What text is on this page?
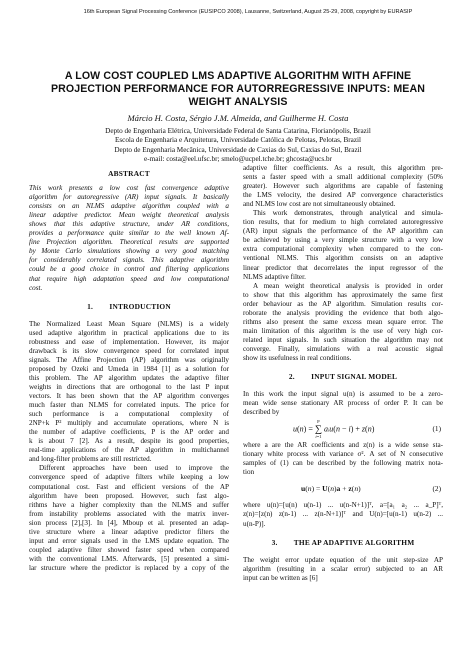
16th European Signal Processing Conference (EUSIPCO 2008), Lausanne, Switzerland, August 25-29, 2008, copyright by EURASIP
A LOW COST COUPLED LMS ADAPTIVE ALGORITHM WITH AFFINE
PROJECTION PERFORMANCE FOR AUTORREGRESSIVE INPUTS: MEAN
WEIGHT ANALYSIS
Márcio H. Costa, Sérgio J.M. Almeida, and Guilherme H. Costa
Depto de Engenharia Elétrica, Universidade Federal de Santa Catarina, Florianópolis, Brazil
Escola de Engenharia e Arquitetura, Universidade Católica de Pelotas, Pelotas, Brazil
Depto de Engenharia Mecânica, Universidade de Caxias do Sul, Caxias do Sul, Brazil
e-mail: costa@eel.ufsc.br; smelo@ucpel.tche.br; ghcosta@ucs.br
ABSTRACT
This work presents a low cost fast convergence adaptive
algorithm for autoregressive (AR) input signals. It basically
consists on an NLMS adaptive algorithm coupled with a
linear adaptive predictor. Mean weight theoretical analysis
shows that this adaptive structure, under AR conditions,
provides a performance quite similar to the well known Af-
fine Projection algorithm. Theoretical results are supported
by Monte Carlo simulations showing a very good matching
for considerably correlated signals. This adaptive algorithm
could be a good choice in control and filtering applications
that require high adaptation speed and low computational
cost.
1.        INTRODUCTION
The Normalized Least Mean Square (NLMS) is a widely
used adaptive algorithm in practical applications due to its
robustness and ease of implementation. However, its major
drawback is its slow convergence speed for correlated input
signals. The Affine Projection (AP) algorithm was originally
proposed by Ozeki and Umeda in 1984 [1] as a solution for
this problem. The AP algorithm updates the adaptive filter
weights in directions that are orthogonal to the last P input
vectors. It has been shown that the AP algorithm converges
much faster than NLMS for correlated inputs. The price for
such performance is a computational complexity of
2NP+k P² multiply and accumulate operations, where N is
the number of adaptive coefficients, P is the AP order and
k is about 7 [2]. As a result, despite its good properties,
real-time applications of the AP algorithm in multichannel
and long-filter problems are still restricted.
Different approaches have been used to improve the
convergence speed of adaptive filters while keeping a low
computational cost. Fast and efficient versions of the AP
algorithm have been proposed. However, such fast algo-
rithms have a higher complexity than the NLMS and suffer
from instability problems associated with the matrix inver-
sion process [2],[3]. In [4], Mboup et al. presented an adap-
tive structure where a linear adaptive predictor filters the
input and error signals used in the LMS update equation. The
coupled adaptive filter showed faster speed when compared
with the conventional LMS. Afterwards, [5] presented a simi-
lar structure where the predictor is replaced by a copy of the
adaptive filter coefficients. As a result, this algorithm pre-
sents a faster speed with a small additional complexity (50%
greater). However such algorithms are capable of fastening
the LMS velocity, the desired AP convergence characteristics
and NLMS low cost are not simultaneously obtained.
This work demonstrates, through analytical and simula-
tion results, that for medium to high correlated autoregressive
(AR) input signals the performance of the AP algorithm can
be achieved by using a very simple structure with a very low
extra computational complexity when compared to the con-
ventional NLMS. This algorithm consists on an adaptive
linear predictor that decorrelates the input regressor of the
NLMS adaptive filter.
A mean weight theoretical analysis is provided in order
to show that this algorithm has approximately the same first
order behaviour as the AP algorithm. Simulation results cor-
roborate the analysis providing the evidence that both algo-
rithms also present the same excess mean square error. The
main limitation of this algorithm is the use of very high cor-
related input signals. In such situation the algorithm may not
converge. Finally, simulations with a real acoustic signal
show its usefulness in real conditions.
2.        INPUT SIGNAL MODEL
In this work the input signal u(n) is assumed to be a zero-
mean wide sense stationary AR process of order P. It can be
described by
u(n) =
P
∑
i=1
aiu(n − i) + z(n)	(1)
where a are the AR coefficients and z(n) is a wide sense sta-
tionary white process with variance σ². A set of N consecutive
samples of (1) can be described by the following matrix nota-
tion
u(n) = U(n)a + z(n)	(2)
where u(n)=[u(n) u(n-1) ... u(n-N+1)]ᵀ, a=[a₁ a₂ ... a_P]ᵀ,
z(n)=[z(n) z(n-1) ... z(n-N+1)]ᵀ and U(n)=[u(n-1) u(n-2) ...
u(n-P)].
3.        THE AP ADAPTIVE ALGORITHM
The weight error update equation of the unit step-size AP
algorithm (resulting in a scalar error) subjected to an AR
input can be written as [6]
